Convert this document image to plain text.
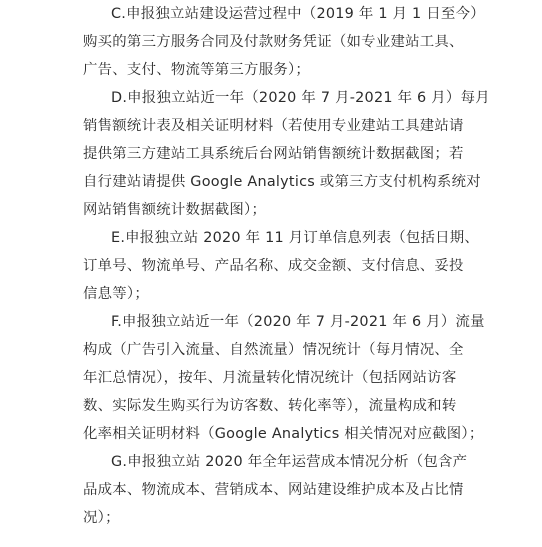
C.申报独立站建设运营过程中（2019 年 1 月 1 日至今）
购买的第三方服务合同及付款财务凭证（如专业建站工具、
广告、支付、物流等第三方服务）；
D.申报独立站近一年（2020 年 7 月-2021 年 6 月）每月
销售额统计表及相关证明材料（若使用专业建站工具建站请
提供第三方建站工具系统后台网站销售额统计数据截图；若
自行建站请提供 Google Analytics 或第三方支付机构系统对
网站销售额统计数据截图）；
E.申报独立站 2020 年 11 月订单信息列表（包括日期、
订单号、物流单号、产品名称、成交金额、支付信息、妥投
信息等）；
F.申报独立站近一年（2020 年 7 月-2021 年 6 月）流量
构成（广告引入流量、自然流量）情况统计（每月情况、全
年汇总情况），按年、月流量转化情况统计（包括网站访客
数、实际发生购买行为访客数、转化率等），流量构成和转
化率相关证明材料（Google Analytics 相关情况对应截图）；
G.申报独立站 2020 年全年运营成本情况分析（包含产
品成本、物流成本、营销成本、网站建设维护成本及占比情
况）；
